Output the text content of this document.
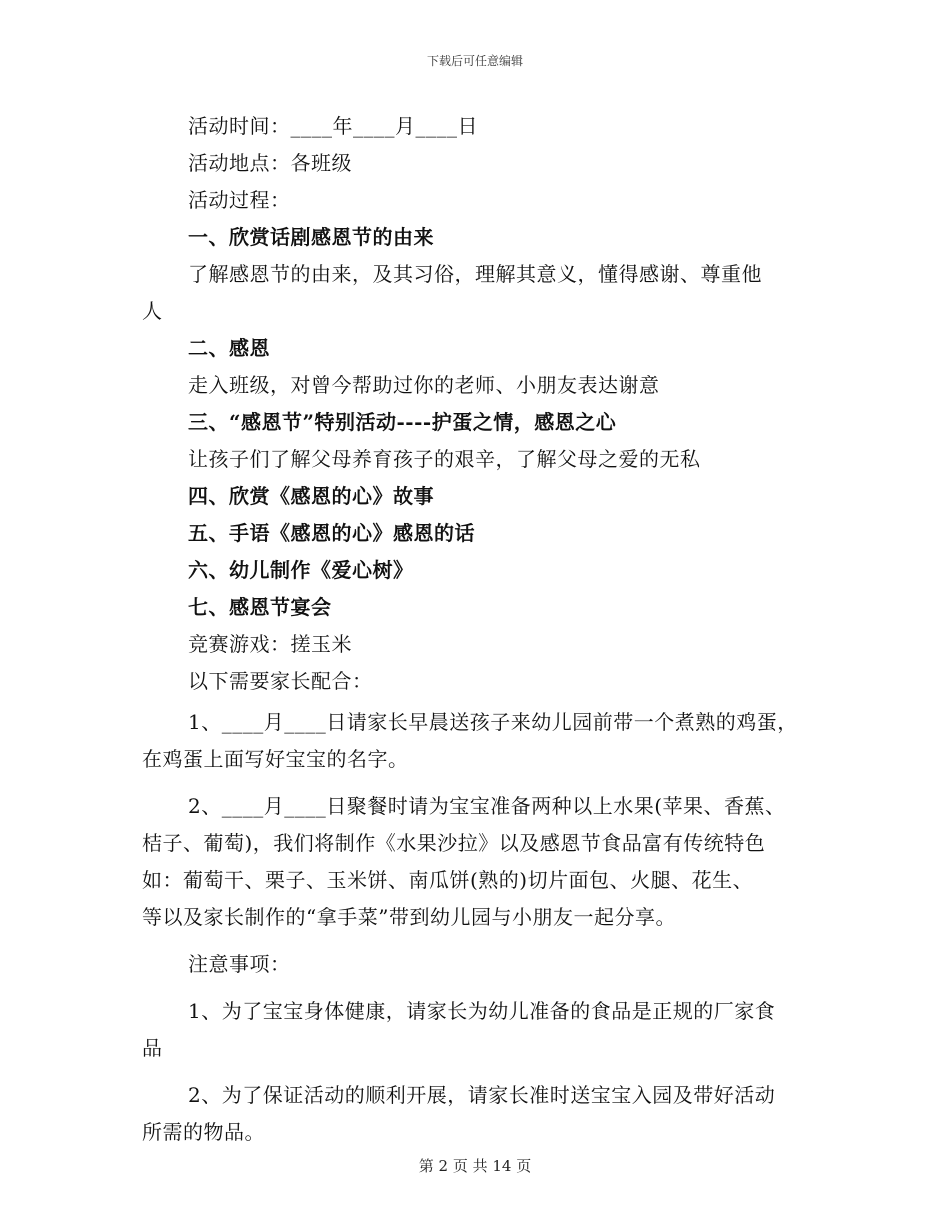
下载后可任意编辑
活动时间：____年____月____日
活动地点：各班级
活动过程：
一、欣赏话剧感恩节的由来
了解感恩节的由来，及其习俗，理解其意义，懂得感谢、尊重他
人
二、感恩
走入班级，对曾今帮助过你的老师、小朋友表达谢意
三、“感恩节”特别活动----护蛋之情，感恩之心
让孩子们了解父母养育孩子的艰辛，了解父母之爱的无私
四、欣赏《感恩的心》故事
五、手语《感恩的心》感恩的话
六、幼儿制作《爱心树》
七、感恩节宴会
竞赛游戏：搓玉米
以下需要家长配合：
1、____月____日请家长早晨送孩子来幼儿园前带一个煮熟的鸡蛋，
在鸡蛋上面写好宝宝的名字。
2、____月____日聚餐时请为宝宝准备两种以上水果(苹果、香蕉、
桔子、葡萄)，我们将制作《水果沙拉》以及感恩节食品富有传统特色
如：葡萄干、栗子、玉米饼、南瓜饼(熟的)切片面包、火腿、花生、
等以及家长制作的“拿手菜”带到幼儿园与小朋友一起分享。
注意事项：
1、为了宝宝身体健康，请家长为幼儿准备的食品是正规的厂家食
品
2、为了保证活动的顺利开展，请家长准时送宝宝入园及带好活动
所需的物品。
第 2 页 共 14 页
